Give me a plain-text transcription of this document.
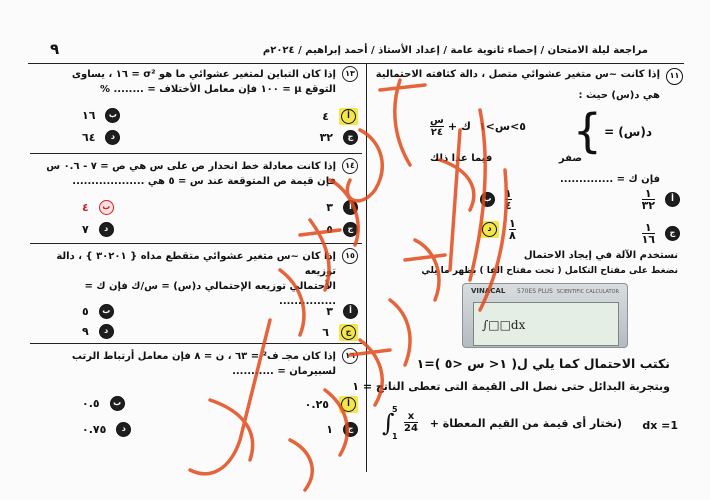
٩	مراجعة ليلة الامتحان / إحصاء ثانوية عامة / إعداد الأستاذ / أحمد إبراهيم / ٢٠٢٤م
١١
إذا كانت ~س متغير عشوائي متصل ، دالة كثافته الاحتمالية
هي د(س) حيث :
د(س) =
}
٥>س>١
ك +
$\frac{\text{س}}{٢٤}$
صفر
فيما عدا ذلك
فإن ك = ..............
أ
$\frac{١}{٣٢}$
$\frac{١}{٤}$
ب
ج
$\frac{١}{١٦}$
$\frac{١}{٨}$
د
نستخدم الآلة في إيجاد الاحتمال
نضغط على مفتاح التكامل ( تحت مفتاح الفا ) بظهر ما يلي
VINACAL 570ES PLUS SCIENTIFIC CALCULATOR
∫□□dx
نكتب الاحتمال كما يلي ل( ١< س <٥ )=١
وبتجربة البدائل حتى نصل الى القيمة التى تعطى الناتج = ١
dx =1
(نختار أى قيمة من القيم المعطاة +
∫
5
1
x
24
١٣
إذا كان التباين لمتغير عشوائي ما هو σ² = ١٦ ، يساوى
التوقع μ = ١٠٠ فإن معامل الأختلاف = ........ %
أ
٤
ب
١٦
ج
٣٢
د
٦٤
١٤
إذا كانت معادلة خط انحدار ص على س هي ص = ٧ - ٠.٦ س
فإن قيمة ص المتوقعة عند س = ٥ هي ...................
أ
٣
ب
٤
ج
٥
د
٧
١٥
إذا كان ~س متغير عشوائي متقطع مداه { ٣٠٢٠١ } ، دالة توزيعه
الأحتمالي توزيعه الإحتمالي د(س) = س/ك فإن ك = ...............
أ
٣
ب
٥
ج
٦
د
٩
١٦
إذا كان مجـ ف² = ٦٣ ، ن = ٨ فإن معامل أرتباط الرتب
لسبيرمان = ...........
أ
٠.٢٥
ب
٠.٥
ج
١
د
٠.٧٥
